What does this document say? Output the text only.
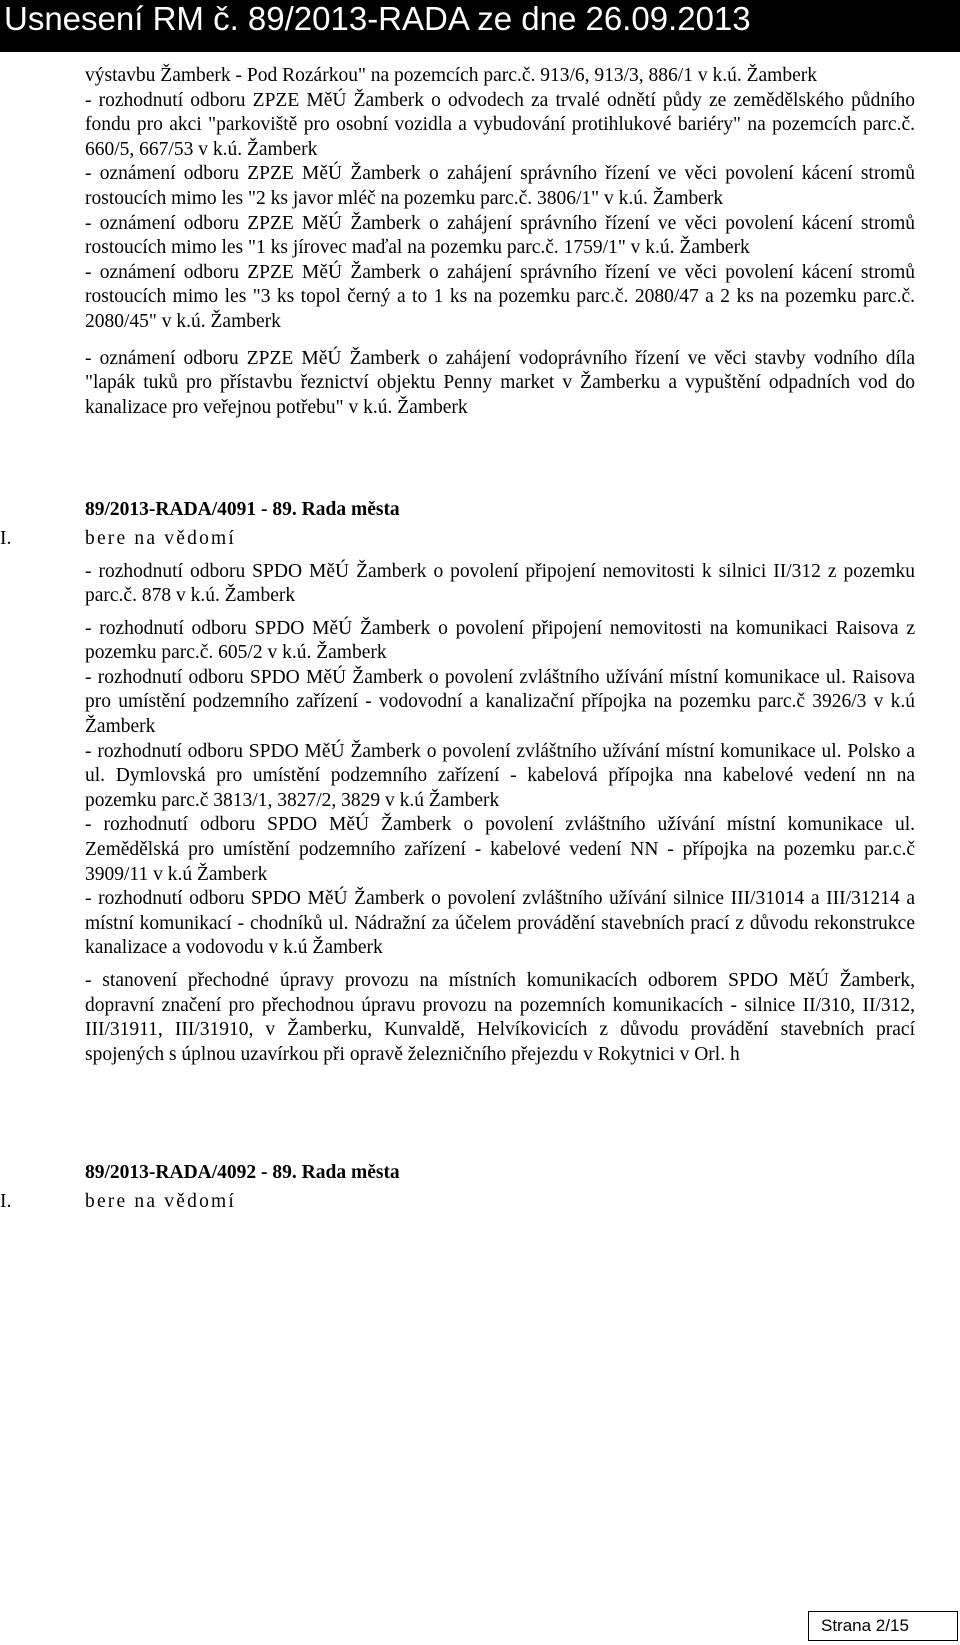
Usnesení RM č. 89/2013-RADA ze dne 26.09.2013

výstavbu Žamberk - Pod Rozárkou" na pozemcích parc.č. 913/6, 913/3, 886/1 v k.ú. Žamberk

- rozhodnutí odboru ZPZE MěÚ Žamberk o odvodech za trvalé odnětí půdy ze zemědělského půdního fondu pro akci "parkoviště pro osobní vozidla a vybudování protihlukové bariéry" na pozemcích parc.č. 660/5, 667/53 v k.ú. Žamberk

- oznámení odboru ZPZE MěÚ Žamberk o zahájení správního řízení ve věci povolení kácení stromů rostoucích mimo les "2 ks javor mléč na pozemku parc.č. 3806/1" v k.ú. Žamberk

- oznámení odboru ZPZE MěÚ Žamberk o zahájení správního řízení ve věci povolení kácení stromů rostoucích mimo les "1 ks jírovec maďal na pozemku parc.č. 1759/1" v k.ú. Žamberk

- oznámení odboru ZPZE MěÚ Žamberk o zahájení správního řízení ve věci povolení kácení stromů rostoucích mimo les "3 ks topol černý a to 1 ks na pozemku parc.č. 2080/47 a 2 ks na pozemku parc.č. 2080/45" v k.ú. Žamberk

- oznámení odboru ZPZE MěÚ Žamberk o zahájení vodoprávního řízení ve věci stavby vodního díla "lapák tuků pro přístavbu řeznictví objektu Penny market v Žamberku a vypuštění odpadních vod do kanalizace pro veřejnou potřebu" v k.ú. Žamberk

89/2013-RADA/4091 - 89. Rada města
I.	bere na vědomí

- rozhodnutí odboru SPDO MěÚ Žamberk o povolení připojení nemovitosti k silnici II/312 z pozemku parc.č. 878 v k.ú. Žamberk

- rozhodnutí odboru SPDO MěÚ Žamberk o povolení připojení nemovitosti na komunikaci Raisova z pozemku parc.č. 605/2 v k.ú. Žamberk

- rozhodnutí odboru SPDO MěÚ Žamberk o povolení zvláštního užívání místní komunikace ul. Raisova pro umístění podzemního zařízení - vodovodní a kanalizační přípojka na pozemku parc.č 3926/3 v k.ú Žamberk

- rozhodnutí odboru SPDO MěÚ Žamberk o povolení zvláštního užívání místní komunikace ul. Polsko a ul. Dymlovská pro umístění podzemního zařízení - kabelová přípojka nna kabelové vedení nn na pozemku parc.č 3813/1, 3827/2, 3829 v k.ú Žamberk

- rozhodnutí odboru SPDO MěÚ Žamberk o povolení zvláštního užívání místní komunikace ul. Zemědělská pro umístění podzemního zařízení - kabelové vedení NN - přípojka na pozemku par.c.č 3909/11 v k.ú Žamberk

- rozhodnutí odboru SPDO MěÚ Žamberk o povolení zvláštního užívání silnice III/31014 a III/31214 a místní komunikací - chodníků ul. Nádražní za účelem provádění stavebních prací z důvodu rekonstrukce kanalizace a vodovodu v k.ú Žamberk

- stanovení přechodné úpravy provozu na místních komunikacích odborem SPDO MěÚ Žamberk, dopravní značení pro přechodnou úpravu provozu na pozemních komunikacích - silnice II/310, II/312, III/31911, III/31910, v Žamberku, Kunvaldě, Helvíkovicích z důvodu provádění stavebních prací spojených s úplnou uzavírkou při opravě železničního přejezdu v Rokytnici v Orl. h

89/2013-RADA/4092 - 89. Rada města
I.	bere na vědomí
Strana 2/15
